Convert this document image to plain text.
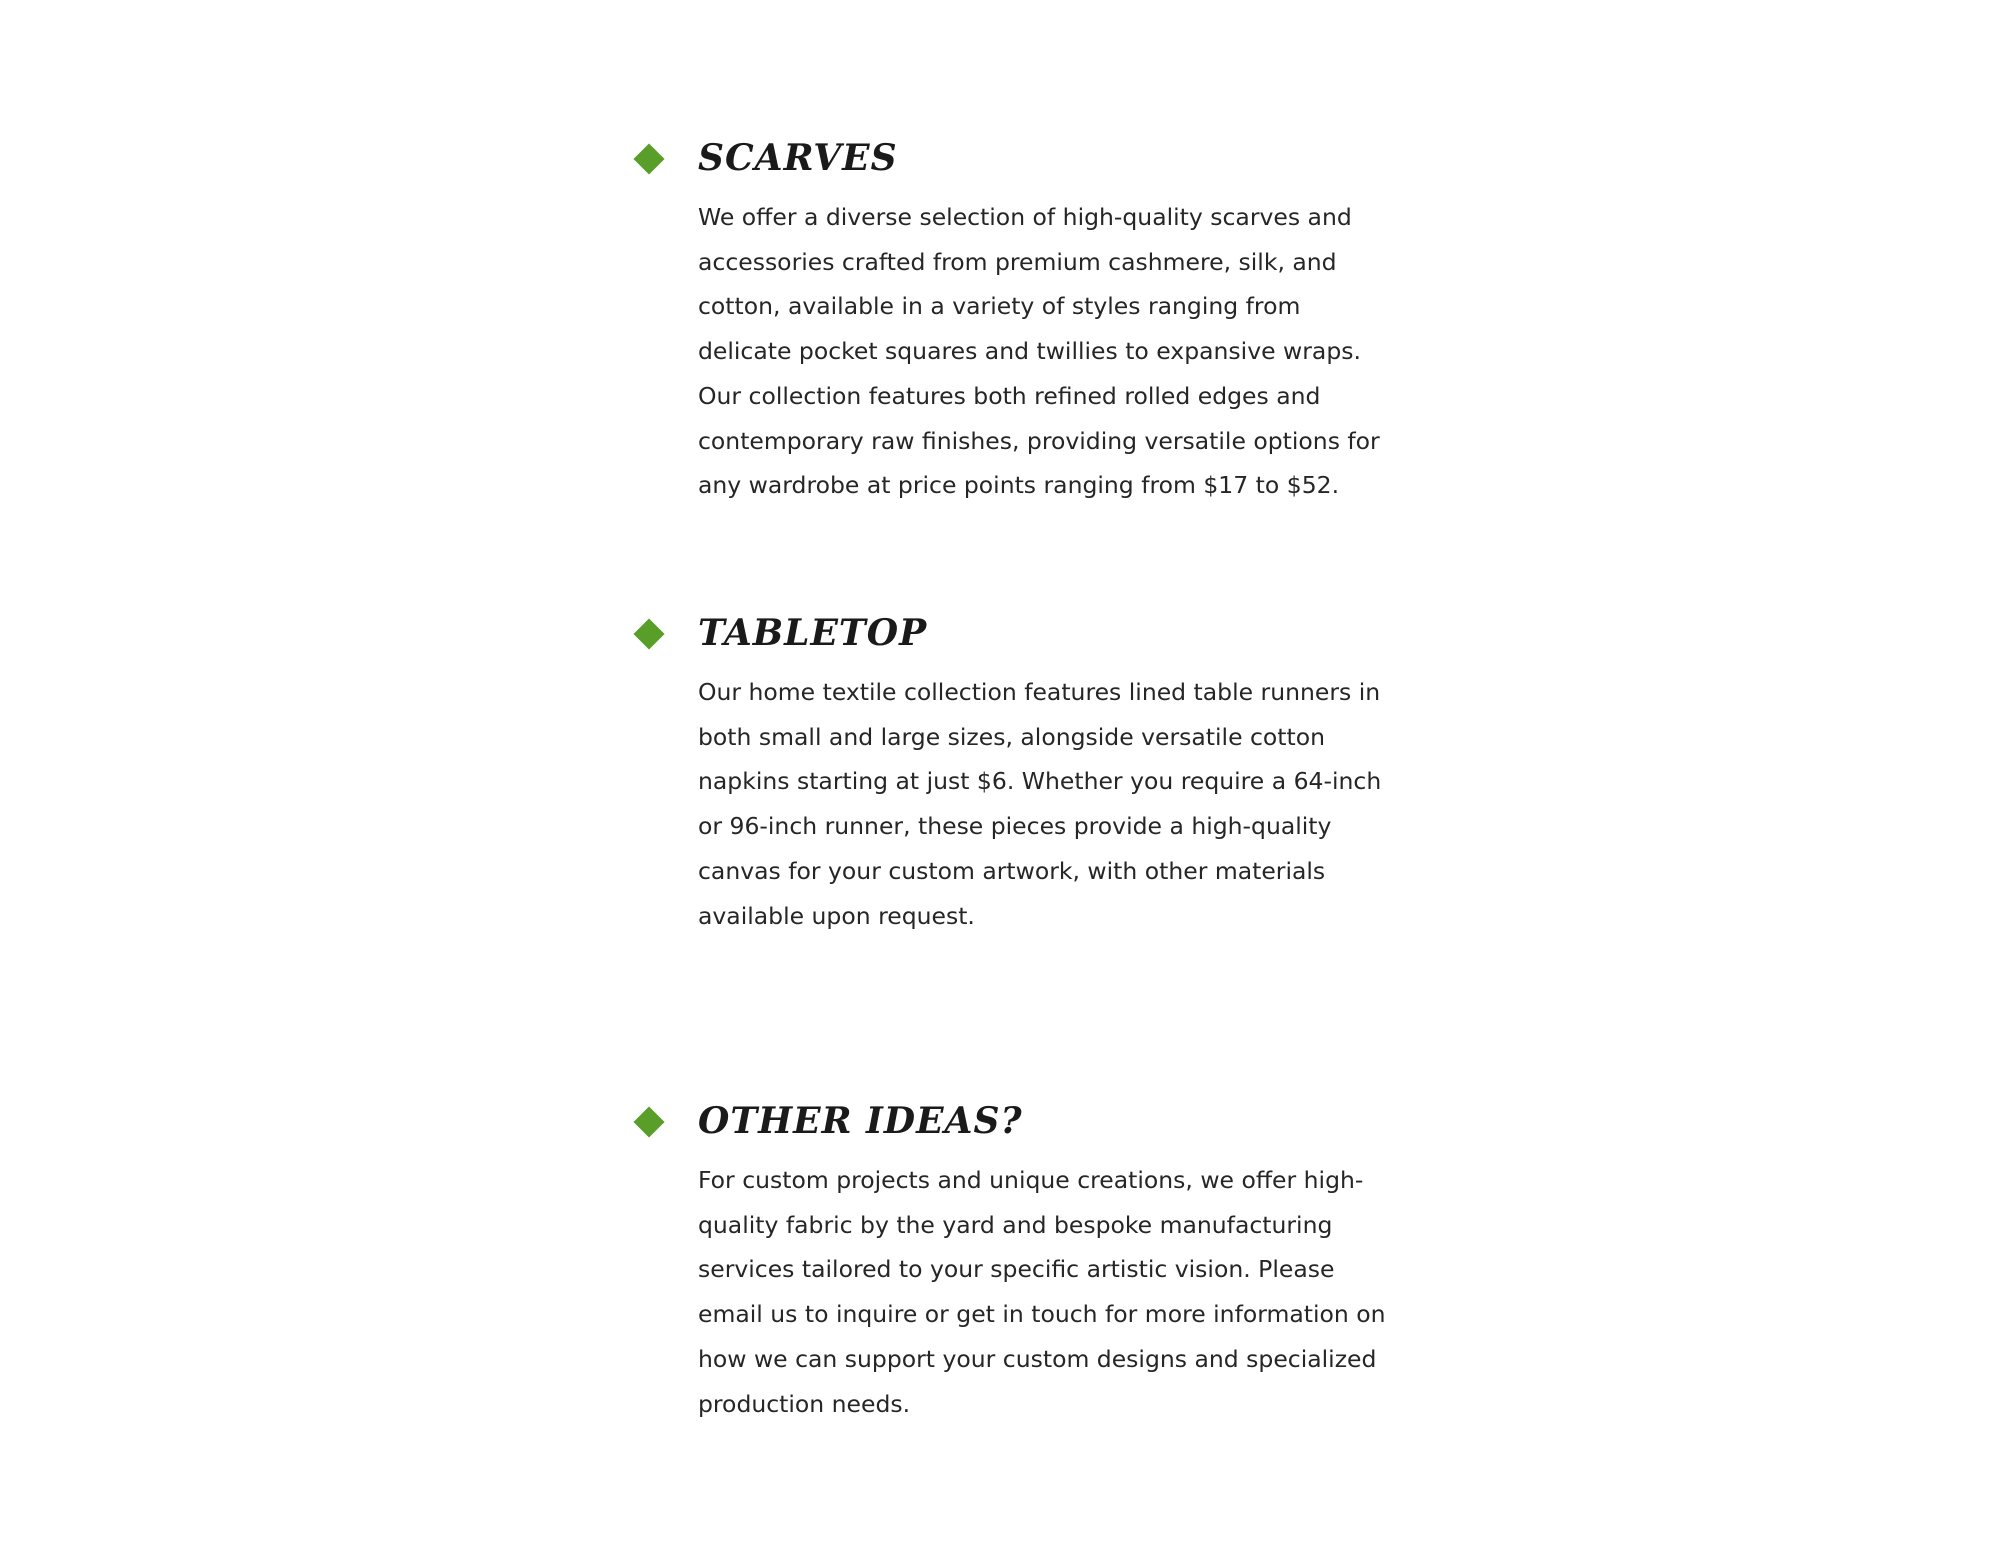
SCARVES

We offer a diverse selection of high-quality scarves and accessories crafted from premium cashmere, silk, and cotton, available in a variety of styles ranging from delicate pocket squares and twillies to expansive wraps. Our collection features both refined rolled edges and contemporary raw finishes, providing versatile options for any wardrobe at price points ranging from $17 to $52.

TABLETOP

Our home textile collection features lined table runners in both small and large sizes, alongside versatile cotton napkins starting at just $6. Whether you require a 64-inch or 96-inch runner, these pieces provide a high-quality canvas for your custom artwork, with other materials available upon request.

OTHER IDEAS?

For custom projects and unique creations, we offer high-quality fabric by the yard and bespoke manufacturing services tailored to your specific artistic vision. Please email us to inquire or get in touch for more information on how we can support your custom designs and specialized production needs.
